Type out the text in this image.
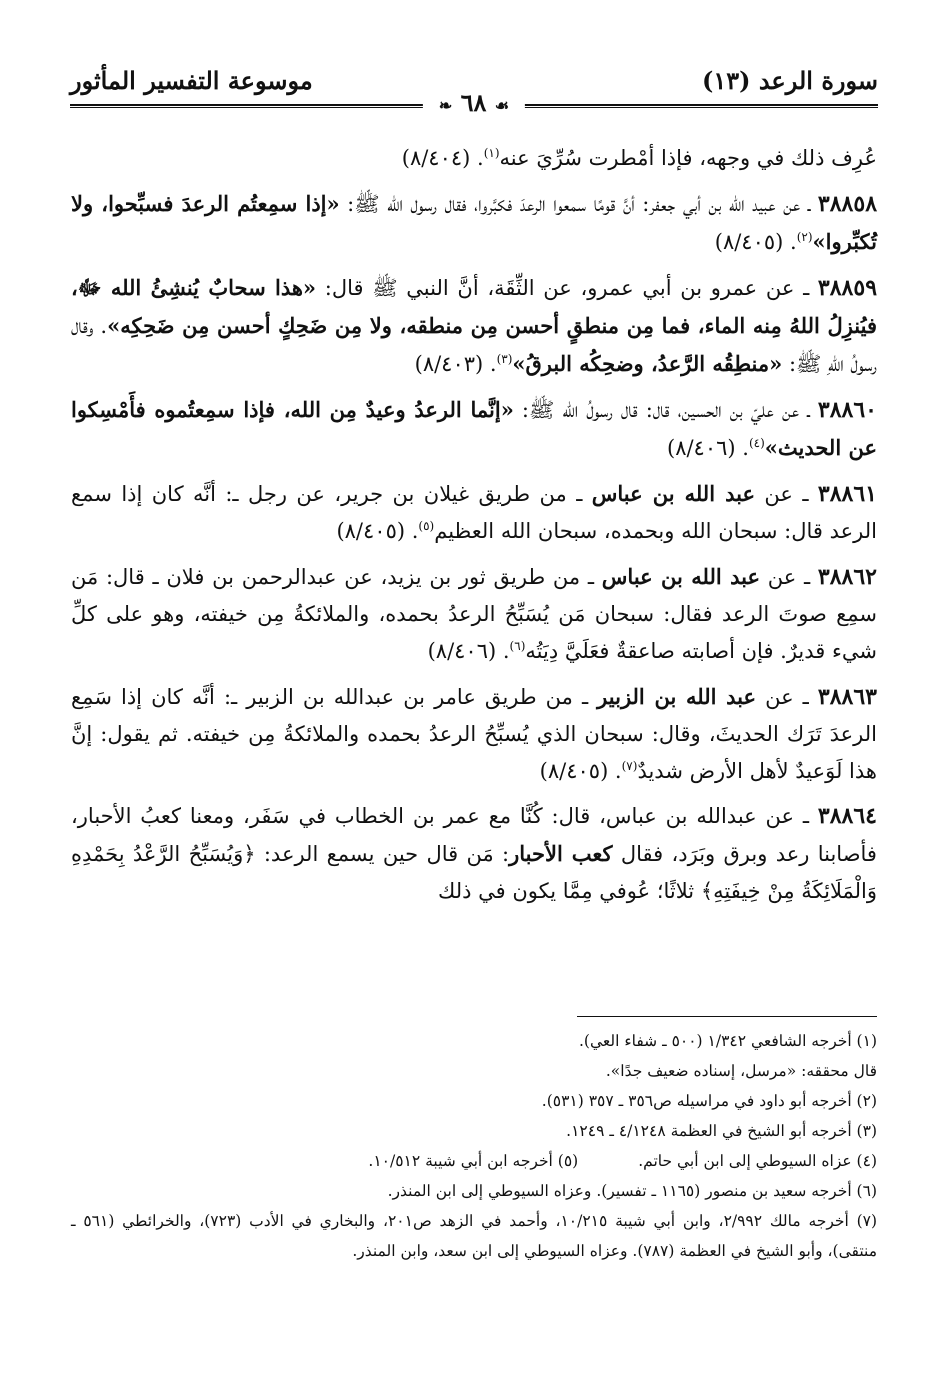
سورة الرعد (١٣)
موسوعة التفسير المأثور
☙ ٦٨ ❧

عُرِف ذلك في وجهه، فإذا أمْطرت سُرِّيَ عنه$^{(١)}$. (٨/٤٠٤)

٣٨٨٥٨ ـ عن عبيد الله بن أبي جعفر: أنَّ قومًا سمعوا الرعدَ فكبَّروا، فقال رسول الله ﷺ: «إذا سمِعتُم الرعدَ فسبِّحوا، ولا تُكبِّروا»$^{(٢)}$. (٨/٤٠٥)

٣٨٨٥٩ ـ عن عمرو بن أبي عمرو، عن الثِّقَة، أنَّ النبي ﷺ قال: «هذا سحابٌ يُنشِئُ الله ﷻ، فيُنزِلُ اللهُ مِنه الماء، فما مِن منطقٍ أحسن مِن منطقه، ولا مِن ضَحِكٍ أحسن مِن ضَحِكِه». وقال رسولُ اللهِ ﷺ: «منطِقُه الرَّعدُ، وضحِكُه البرقُ»$^{(٣)}$. (٨/٤٠٣)

٣٨٨٦٠ ـ عن عليّ بن الحسين، قال: قال رسولُ الله ﷺ: «إنَّما الرعدُ وعيدٌ مِن الله، فإذا سمِعتُموه فأَمْسِكوا عن الحديث»$^{(٤)}$. (٨/٤٠٦)

٣٨٨٦١ ـ عن عبد الله بن عباس ـ من طريق غيلان بن جرير، عن رجل ـ: أنَّه كان إذا سمع الرعد قال: سبحان الله وبحمده، سبحان الله العظيم$^{(٥)}$. (٨/٤٠٥)

٣٨٨٦٢ ـ عن عبد الله بن عباس ـ من طريق ثور بن يزيد، عن عبدالرحمن بن فلان ـ قال: مَن سمِع صوتَ الرعد فقال: سبحان مَن يُسَبِّحُ الرعدُ بحمده، والملائكةُ مِن خيفته، وهو على كلِّ شيء قديرٌ. فإن أصابته صاعقةٌ فعَلَيَّ دِيَتُه$^{(٦)}$. (٨/٤٠٦)

٣٨٨٦٣ ـ عن عبد الله بن الزبير ـ من طريق عامر بن عبدالله بن الزبير ـ: أنَّه كان إذا سَمِع الرعدَ تَرَك الحديثَ، وقال: سبحان الذي يُسبِّحُ الرعدُ بحمده والملائكةُ مِن خيفته. ثم يقول: إنَّ هذا لَوَعيدٌ لأهل الأرض شديدٌ$^{(٧)}$. (٨/٤٠٥)

٣٨٨٦٤ ـ عن عبدالله بن عباس، قال: كُنَّا مع عمر بن الخطاب في سَفَر، ومعنا كعبُ الأحبار، فأصابنا رعد وبرق وبَرَد، فقال كعب الأحبار: مَن قال حين يسمع الرعد: ﴿وَيُسَبِّحُ الرَّعْدُ بِحَمْدِهِ وَالْمَلَائِكَةُ مِنْ خِيفَتِهِ﴾ ثلاثًا؛ عُوفي مِمَّا يكون في ذلك

(١) أخرجه الشافعي ١/٣٤٢ (٥٠٠ ـ شفاء العي).

قال محققه: «مرسل، إسناده ضعيف جدًا».

(٢) أخرجه أبو داود في مراسيله ص٣٥٦ ـ ٣٥٧ (٥٣١).

(٣) أخرجه أبو الشيخ في العظمة ٤/١٢٤٨ ـ ١٢٤٩.

(٤) عزاه السيوطي إلى ابن أبي حاتم.
(٥) أخرجه ابن أبي شيبة ١٠/٥١٢.

(٦) أخرجه سعيد بن منصور (١١٦٥ ـ تفسير). وعزاه السيوطي إلى ابن المنذر.

(٧) أخرجه مالك ٢/٩٩٢، وابن أبي شيبة ١٠/٢١٥، وأحمد في الزهد ص٢٠١، والبخاري في الأدب (٧٢٣)، والخرائطي (٥٦١ ـ منتقى)، وأبو الشيخ في العظمة (٧٨٧). وعزاه السيوطي إلى ابن سعد، وابن المنذر.
